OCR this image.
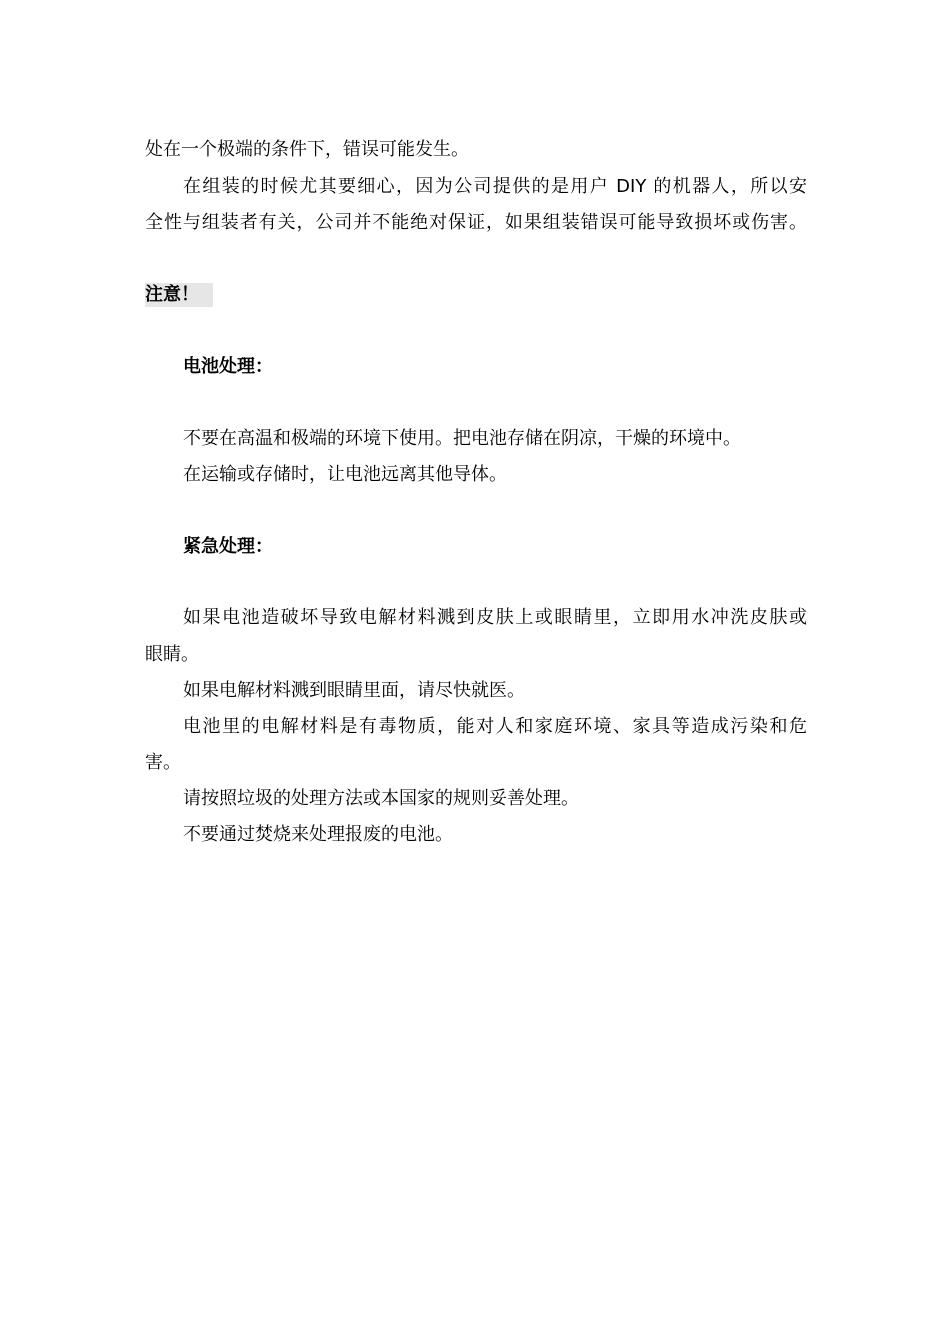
处在一个极端的条件下，错误可能发生。
在组装的时候尤其要细心，因为公司提供的是用户 DIY 的机器人，所以安
全性与组装者有关，公司并不能绝对保证，如果组装错误可能导致损坏或伤害。
注意！
电池处理：
不要在高温和极端的环境下使用。把电池存储在阴凉，干燥的环境中。
在运输或存储时，让电池远离其他导体。
紧急处理：
如果电池造破坏导致电解材料溅到皮肤上或眼睛里，立即用水冲洗皮肤或
眼睛。
如果电解材料溅到眼睛里面，请尽快就医。
电池里的电解材料是有毒物质，能对人和家庭环境、家具等造成污染和危
害。
请按照垃圾的处理方法或本国家的规则妥善处理。
不要通过焚烧来处理报废的电池。
